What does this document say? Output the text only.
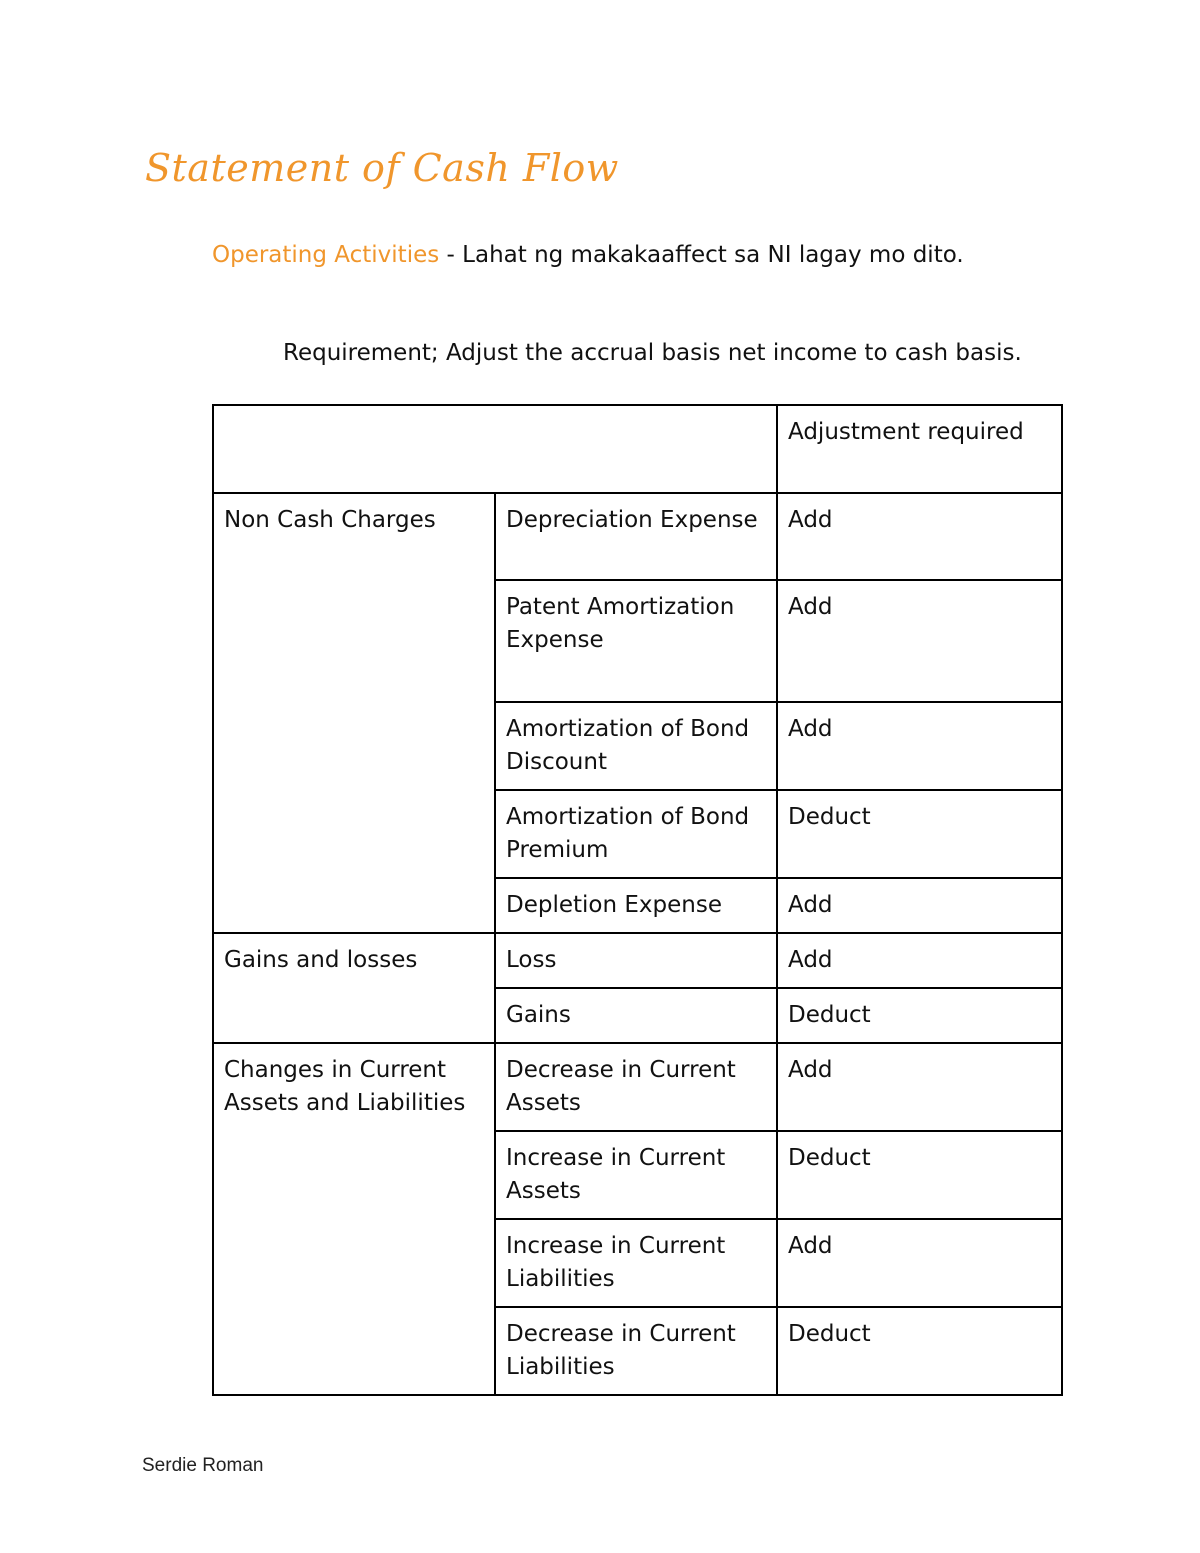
Statement of Cash Flow

Operating Activities - Lahat ng makakaaffect sa NI lagay mo dito.

Requirement; Adjust the accrual basis net income to cash basis.

		Adjustment required
Non Cash Charges	Depreciation Expense	Add
	Patent Amortization Expense	Add
	Amortization of Bond Discount	Add
	Amortization of Bond Premium	Deduct
	Depletion Expense	Add
Gains and losses	Loss	Add
	Gains	Deduct
Changes in Current Assets and Liabilities	Decrease in Current Assets	Add
	Increase in Current Assets	Deduct
	Increase in Current Liabilities	Add
	Decrease in Current Liabilities	Deduct

Serdie Roman
